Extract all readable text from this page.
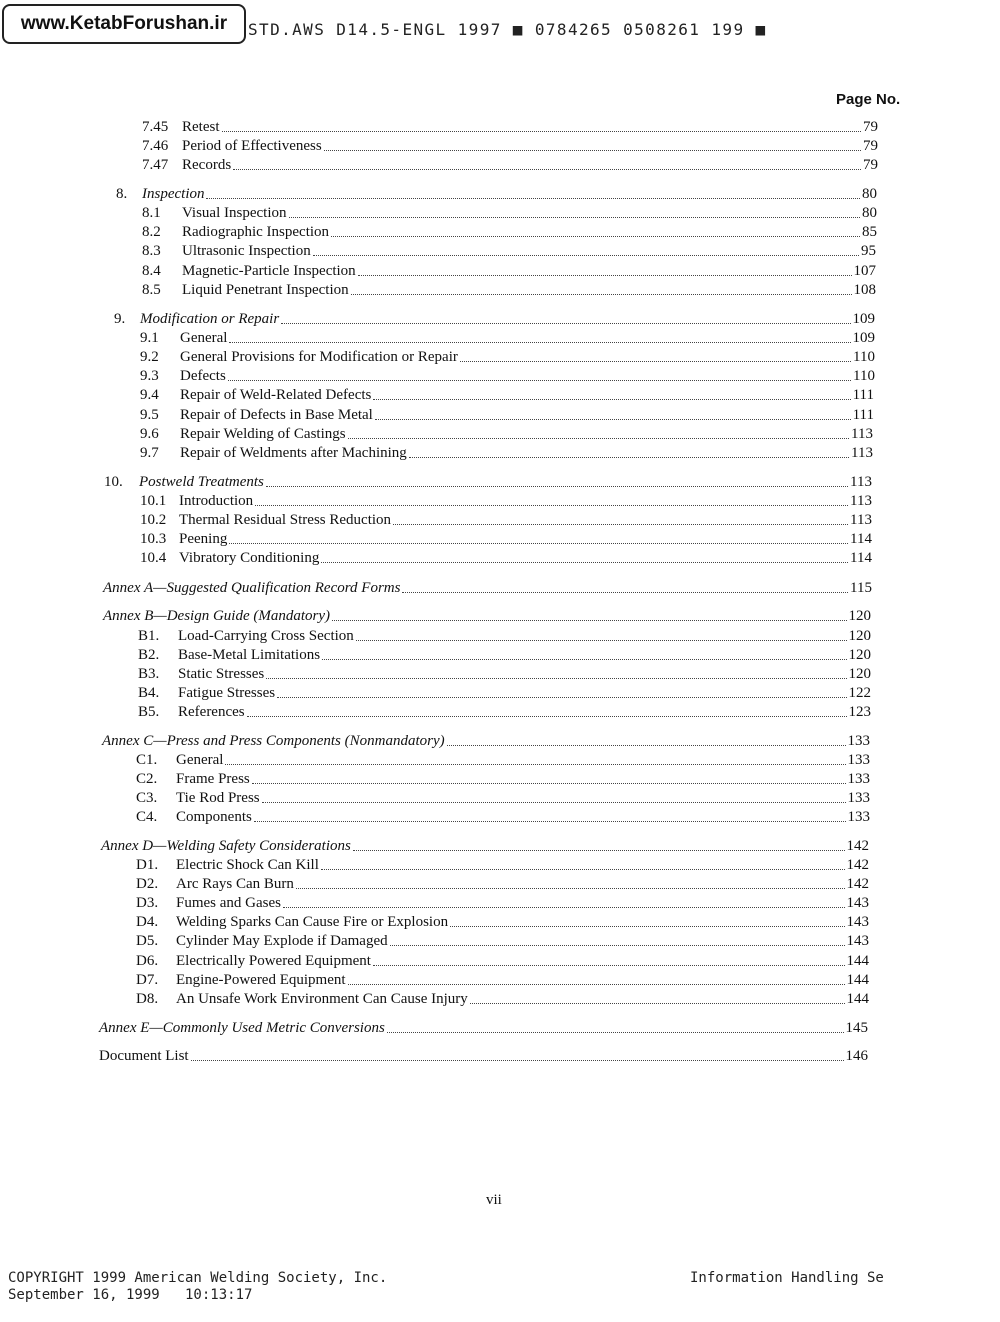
www.KetabForushan.ir	STD.AWS D14.5-ENGL 1997 ■ 0784265 0508261 199 ■
Page No.
7.45 Retest	79
7.46 Period of Effectiveness	79
7.47 Records	79
8. Inspection	80
8.1	Visual Inspection	80
8.2	Radiographic Inspection	85
8.3	Ultrasonic Inspection	95
8.4	Magnetic-Particle Inspection	107
8.5	Liquid Penetrant Inspection	108
9. Modification or Repair	109
9.1	General	109
9.2	General Provisions for Modification or Repair	110
9.3	Defects	110
9.4	Repair of Weld-Related Defects	111
9.5	Repair of Defects in Base Metal	111
9.6	Repair Welding of Castings	113
9.7	Repair of Weldments after Machining	113
10.	Postweld Treatments	113
10.1 Introduction	113
10.2 Thermal Residual Stress Reduction	113
10.3 Peening	114
10.4 Vibratory Conditioning	114
Annex A—Suggested Qualification Record Forms	115
Annex B—Design Guide (Mandatory)	120
B1.	Load-Carrying Cross Section	120
B2.	Base-Metal Limitations	120
B3.	Static Stresses	120
B4.	Fatigue Stresses	122
B5.	References	123
Annex C—Press and Press Components (Nonmandatory)	133
C1.	General	133
C2.	Frame Press	133
C3.	Tie Rod Press	133
C4.	Components	133
Annex D—Welding Safety Considerations	142
D1.	Electric Shock Can Kill	142
D2.	Arc Rays Can Burn	142
D3.	Fumes and Gases	143
D4.	Welding Sparks Can Cause Fire or Explosion	143
D5.	Cylinder May Explode if Damaged	143
D6.	Electrically Powered Equipment	144
D7.	Engine-Powered Equipment	144
D8.	An Unsafe Work Environment Can Cause Injury	144
Annex E—Commonly Used Metric Conversions	145
Document List	146
vii
COPYRIGHT 1999 American Welding Society, Inc.
September 16, 1999   10:13:17
Information Handling Se
